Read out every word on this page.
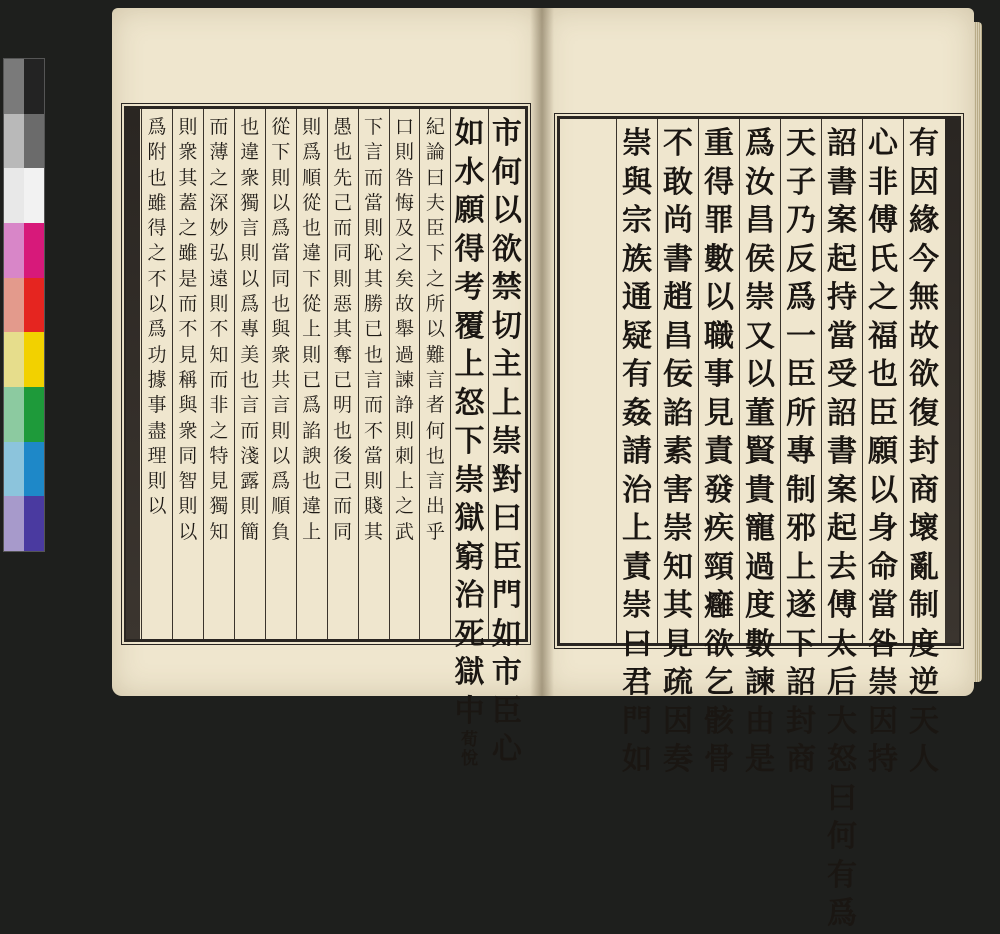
有
因
緣
今
無
故
欲
復
封
商
壞
亂
制
度
逆
天
人
心
非
傅
氏
之
福
也
臣
願
以
身
命
當
咎
崇
因
持
詔
書
案
起
持
當
受
詔
書
案
起
去
傅
太
后
大
怒
曰
何
有
爲
天
子
乃
反
爲
一
臣
所
專
制
邪
上
遂
下
詔
封
商
爲
汝
昌
侯
崇
又
以
董
賢
貴
寵
過
度
數
諫
由
是
重
得
罪
數
以
職
事
見
責
發
疾
頸
癰
欲
乞
骸
骨
不
敢
尚
書
趙
昌
佞
諂
素
害
崇
知
其
見
疏
因
奏
崇
與
宗
族
通
疑
有
姦
請
治
上
責
崇
曰
君
門
如
市
何
以
欲
禁
切
主
上
崇
對
曰
臣
門
如
市
臣
心
如
水
願
得
考
覆
上
怒
下
崇
獄
窮
治
死
獄
中
荀
悅
紀
論
曰
夫
臣
下
之
所
以
難
言
者
何
也
言
出
乎
口
則
咎
悔
及
之
矣
故
舉
過
諫
諍
則
刺
上
之
武
下
言
而
當
則
恥
其
勝
已
也
言
而
不
當
則
賤
其
愚
也
先
己
而
同
則
惡
其
奪
已
明
也
後
己
而
同
則
爲
順
從
也
違
下
從
上
則
已
爲
諂
諛
也
違
上
從
下
則
以
爲
當
同
也
與
衆
共
言
則
以
爲
順
負
也
違
衆
獨
言
則
以
爲
專
美
也
言
而
淺
露
則
簡
而
薄
之
深
妙
弘
遠
則
不
知
而
非
之
特
見
獨
知
則
衆
其
蓋
之
雖
是
而
不
見
稱
與
衆
同
智
則
以
爲
附
也
雖
得
之
不
以
爲
功
據
事
盡
理
則
以
